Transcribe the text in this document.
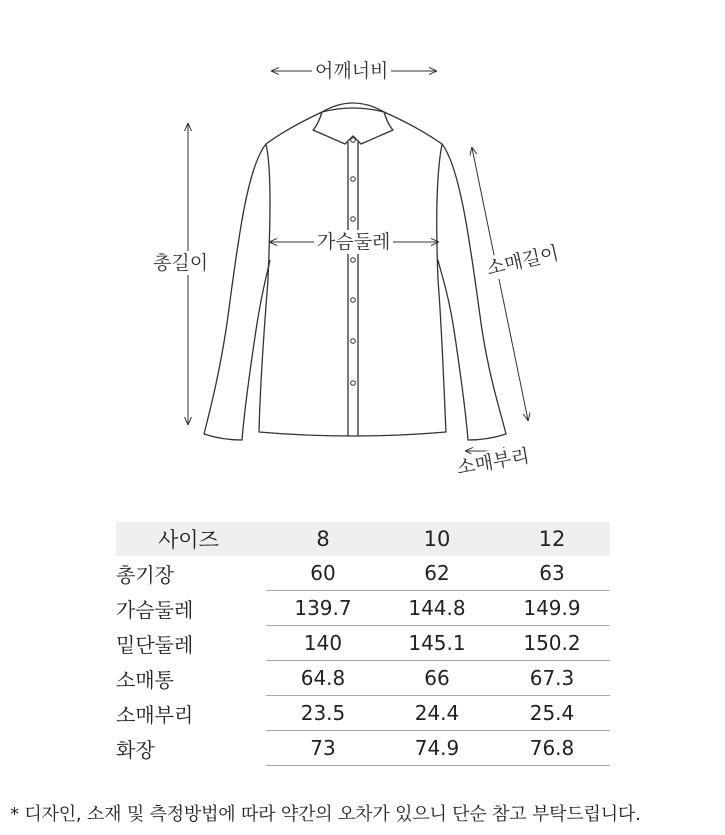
어깨너비
가슴둘레
총길이	소매길이
소매부리
사이즈	8	10	12
총기장	60	62	63
가슴둘레	139.7	144.8	149.9
밑단둘레	140	145.1	150.2
소매통	64.8	66	67.3
소매부리	23.5	24.4	25.4
화장	73	74.9	76.8
* 디자인, 소재 및 측정방법에 따라 약간의 오차가 있으니 단순 참고 부탁드립니다.
